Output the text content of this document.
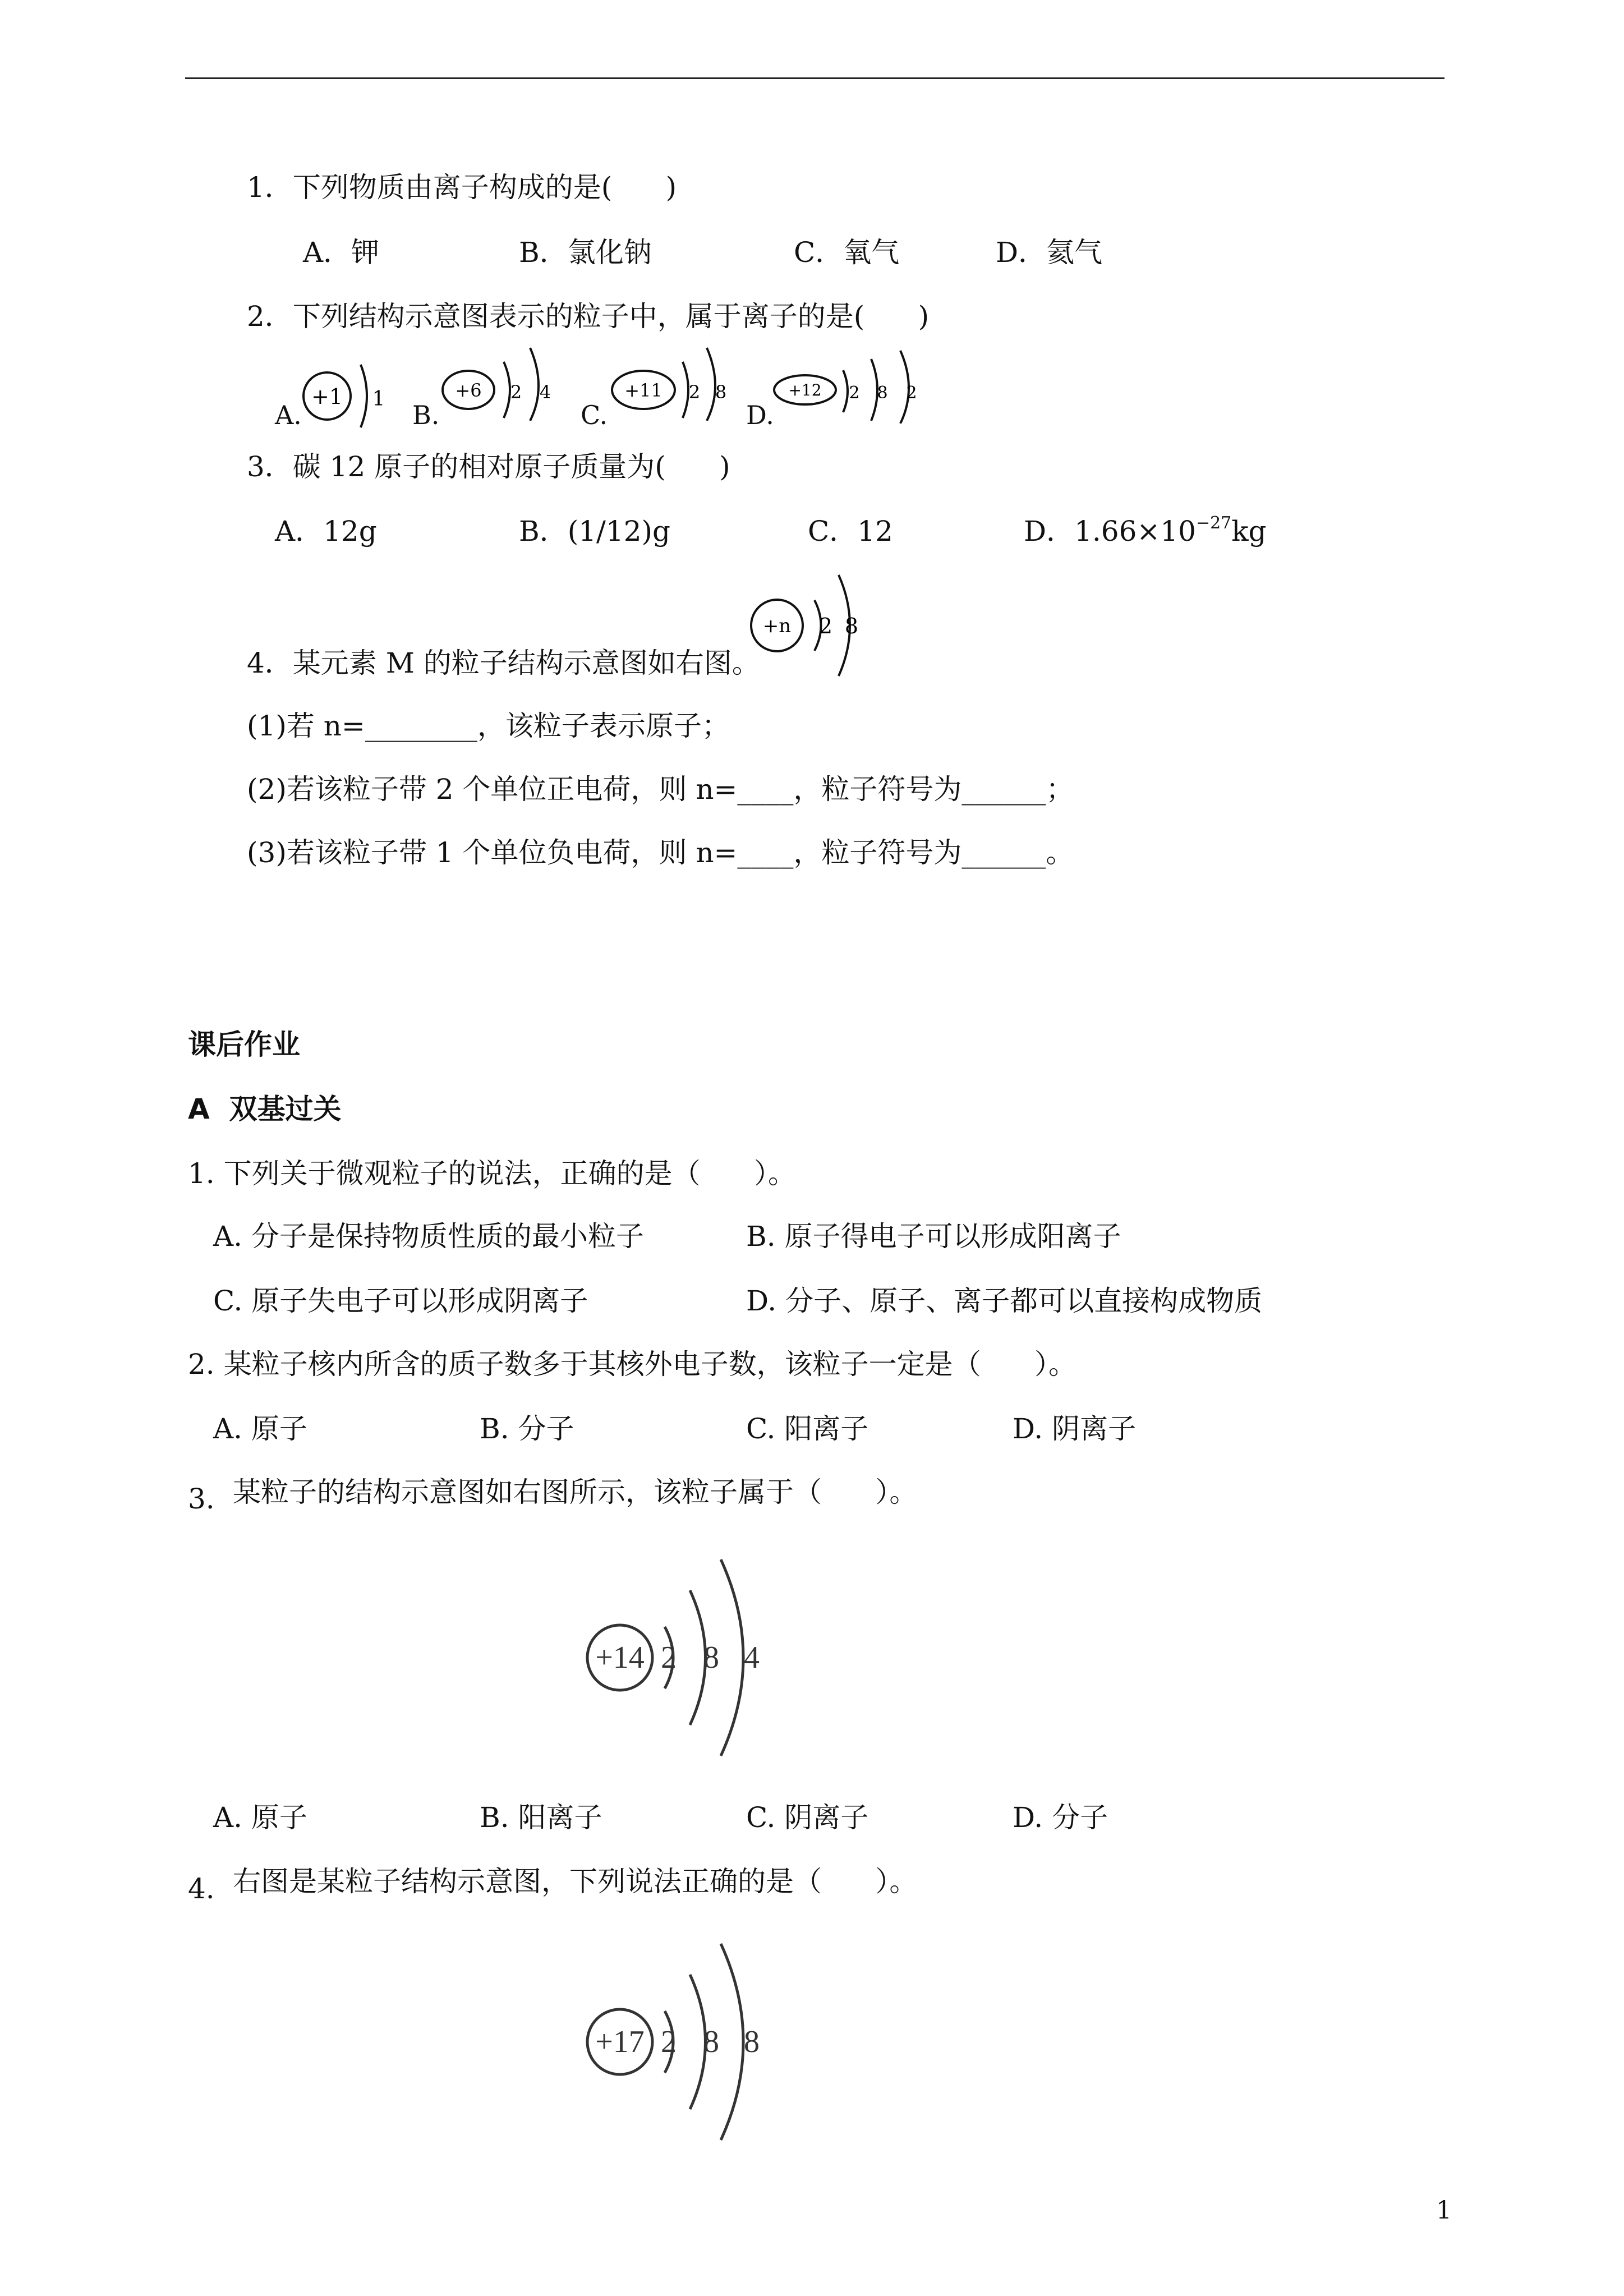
1．下列物质由离子构成的是(      )
A．钾	B．氯化钠	C．氧气	D．氦气
2．下列结构示意图表示的粒子中，属于离子的是(      )
A.
+1 1
B.
+6 2 4
C.
+11 2 8
D.
+12 2 8 2
3．碳 12 原子的相对原子质量为(      )
A．12g	B．(1/12)g	C．12	D．$1.66\times 10^{-27}kg$
+n 2 8
4．某元素 M 的粒子结构示意图如右图。
(1)若 n=________，该粒子表示原子；
(2)若该粒子带 2 个单位正电荷，则 n=____，粒子符号为______；
(3)若该粒子带 1 个单位负电荷，则 n=____，粒子符号为______。
课后作业
A  双基过关
1. 下列关于微观粒子的说法，正确的是（      ）。
A. 分子是保持物质性质的最小粒子	B. 原子得电子可以形成阳离子
C. 原子失电子可以形成阴离子	D. 分子、原子、离子都可以直接构成物质
2. 某粒子核内所含的质子数多于其核外电子数，该粒子一定是（      ）。
A. 原子	B. 分子	C. 阳离子	D. 阴离子
3. 某粒子的结构示意图如右图所示，该粒子属于（      ）。
+14 2 8 4
A. 原子	B. 阳离子	C. 阴离子	D. 分子
4. 右图是某粒子结构示意图，下列说法正确的是（      ）。
+17 2 8 8
1
